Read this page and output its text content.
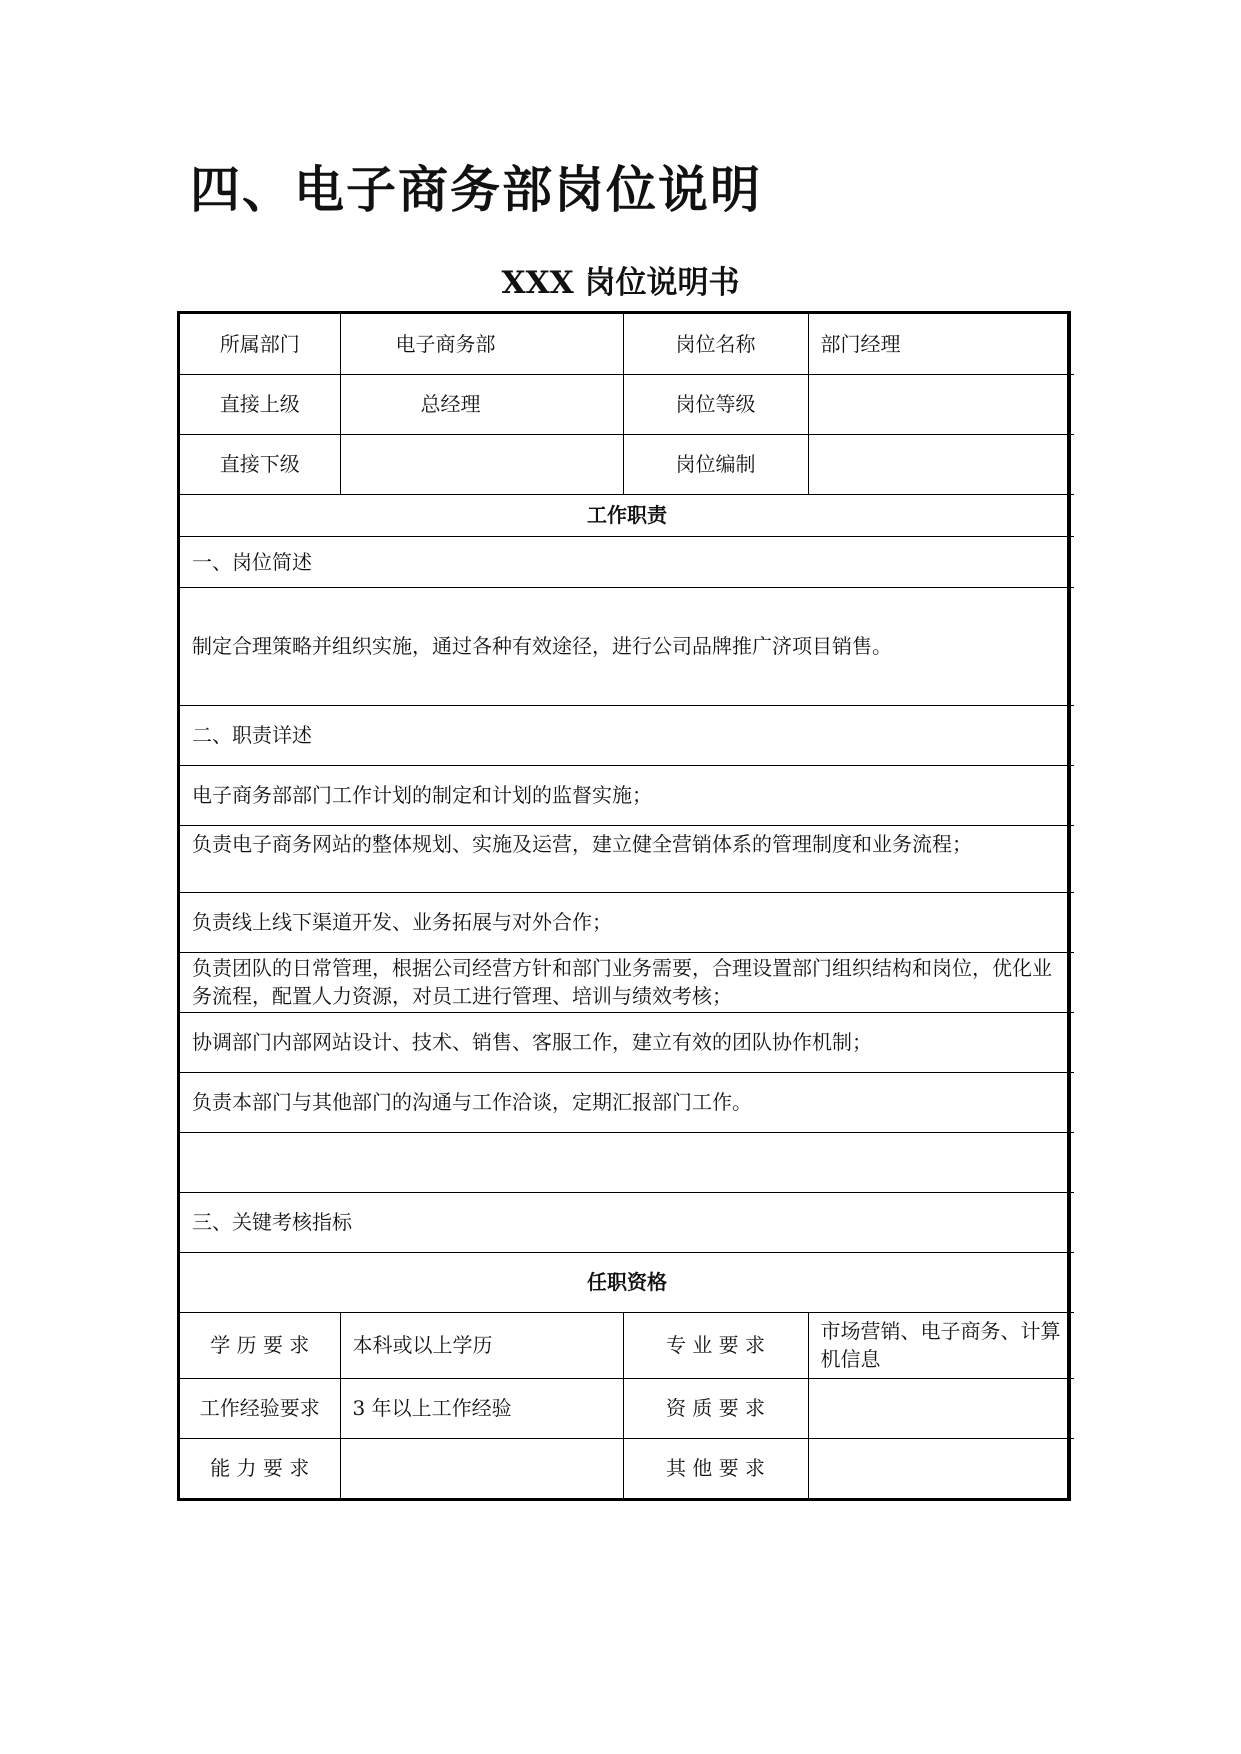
四、电子商务部岗位说明
XXX 岗位说明书
所属部门	电子商务部	岗位名称	部门经理
直接上级	总经理	岗位等级	
直接下级		岗位编制	
工作职责			
一、岗位简述			
制定合理策略并组织实施，通过各种有效途径，进行公司品牌推广济项目销售。			
二、职责详述			
电子商务部部门工作计划的制定和计划的监督实施；			
负责电子商务网站的整体规划、实施及运营，建立健全营销体系的管理制度和业务流程；			
负责线上线下渠道开发、业务拓展与对外合作；			
负责团队的日常管理，根据公司经营方针和部门业务需要，合理设置部门组织结构和岗位，优化业务流程，配置人力资源，对员工进行管理、培训与绩效考核；			
协调部门内部网站设计、技术、销售、客服工作，建立有效的团队协作机制；			
负责本部门与其他部门的沟通与工作洽谈，定期汇报部门工作。			

三、关键考核指标			
任职资格			
学 历 要 求	本科或以上学历	专 业 要 求	市场营销、电子商务、计算机信息
工作经验要求	3 年以上工作经验	资 质 要 求	
能 力 要 求		其 他 要 求	
